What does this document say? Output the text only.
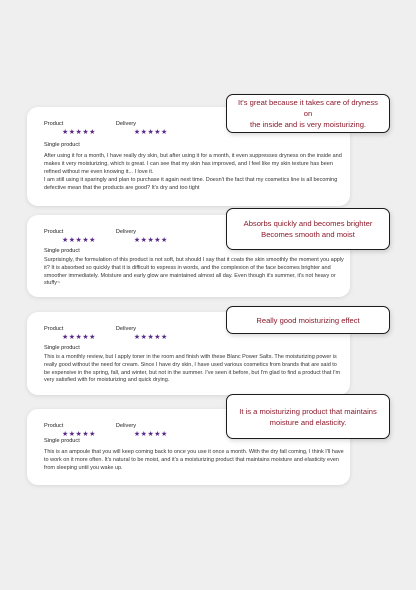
Product
★★★★★
Delivery
★★★★★
Single product

After using it for a month, I have really dry skin, but after using it for a month, it even suppresses dryness on the inside and makes it very moisturizing, which is great. I can see that my skin has improved, and I feel like my skin texture has been refined without me even knowing it... I love it.

I am still using it sparingly and plan to purchase it again next time. Doesn't the fact that my cosmetics line is all becoming defective mean that the products are good? It's dry and too tight

Product
★★★★★
Delivery
★★★★★
Single product

Surprisingly, the formulation of this product is not soft, but should I say that it coats the skin smoothly the moment you apply it? It is absorbed so quickly that it is difficult to express in words, and the complexion of the face becomes brighter and smoother immediately. Moisture and early glow are maintained almost all day. Even though it's summer, it's not heavy or stuffy~

Product
★★★★★
Delivery
★★★★★
Single product

This is a monthly review, but I apply toner in the room and finish with these Blanc Power Salts. The moisturizing power is really good without the need for cream. Since I have dry skin, I have used various cosmetics from brands that are said to be expensive in the spring, fall, and winter, but not in the summer. I've seen it before, but I'm glad to find a product that I'm very satisfied with for moisturizing and quick drying.

Product
★★★★★
Delivery
★★★★★
Single product

This is an ampoule that you will keep coming back to once you use it once a month. With the dry fall coming, I think I'll have to work on it more often. It's natural to be moist, and it's a moisturizing product that maintains moisture and elasticity even from sleeping until you wake up.

It's great because it takes care of dryness on
the inside and is very moisturizing.
Absorbs quickly and becomes brighter
Becomes smooth and moist
Really good moisturizing effect
It is a moisturizing product that maintains
moisture and elasticity.
